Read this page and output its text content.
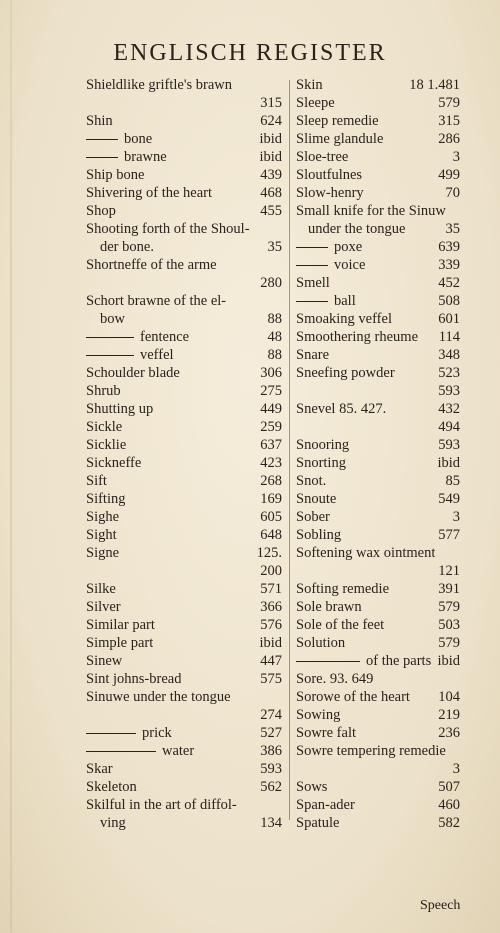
ENGLISCH REGISTER
Shieldlike griftle's brawn
315
Shin	624
bone	ibid
brawne	ibid
Ship bone	439
Shivering of the heart	468
Shop	455
Shooting forth of the Shoul-
der bone.	35
Shortneffe of the arme
280
Schort brawne of the el-
bow	88
fentence	48
veffel	88
Schoulder blade	306
Shrub	275
Shutting up	449
Sickle	259
Sicklie	637
Sickneffe	423
Sift	268
Sifting	169
Sighe	605
Sight	648
Signe	125.
200
Silke	571
Silver	366
Similar part	576
Simple part	ibid
Sinew	447
Sint johns-bread	575
Sinuwe under the tongue
274
prick	527
water	386
Skar	593
Skeleton	562
Skilful in the art of diffol-
ving	134
Skin	18 1.481
Sleepe	579
Sleep remedie	315
Slime glandule	286
Sloe-tree	3
Sloutfulnes	499
Slow-henry	70
Small knife for the Sinuw
under the tongue	35
poxe	639
voice	339
Smell	452
ball	508
Smoaking veffel	601
Smoothering rheume 114
Snare	348
Sneefing powder	523
593
Snevel 85. 427.	432
494
Snooring	593
Snorting	ibid
Snot.	85
Snoute	549
Sober	3
Sobling	577
Softening wax ointment
121
Softing remedie	391
Sole brawn	579
Sole of the feet	503
Solution	579
of the parts ibid
Sore. 93. 649
Sorowe of the heart 104
Sowing	219
Sowre falt	236
Sowre tempering remedie
3
Sows	507
Span-ader	460
Spatule	582
Speech
